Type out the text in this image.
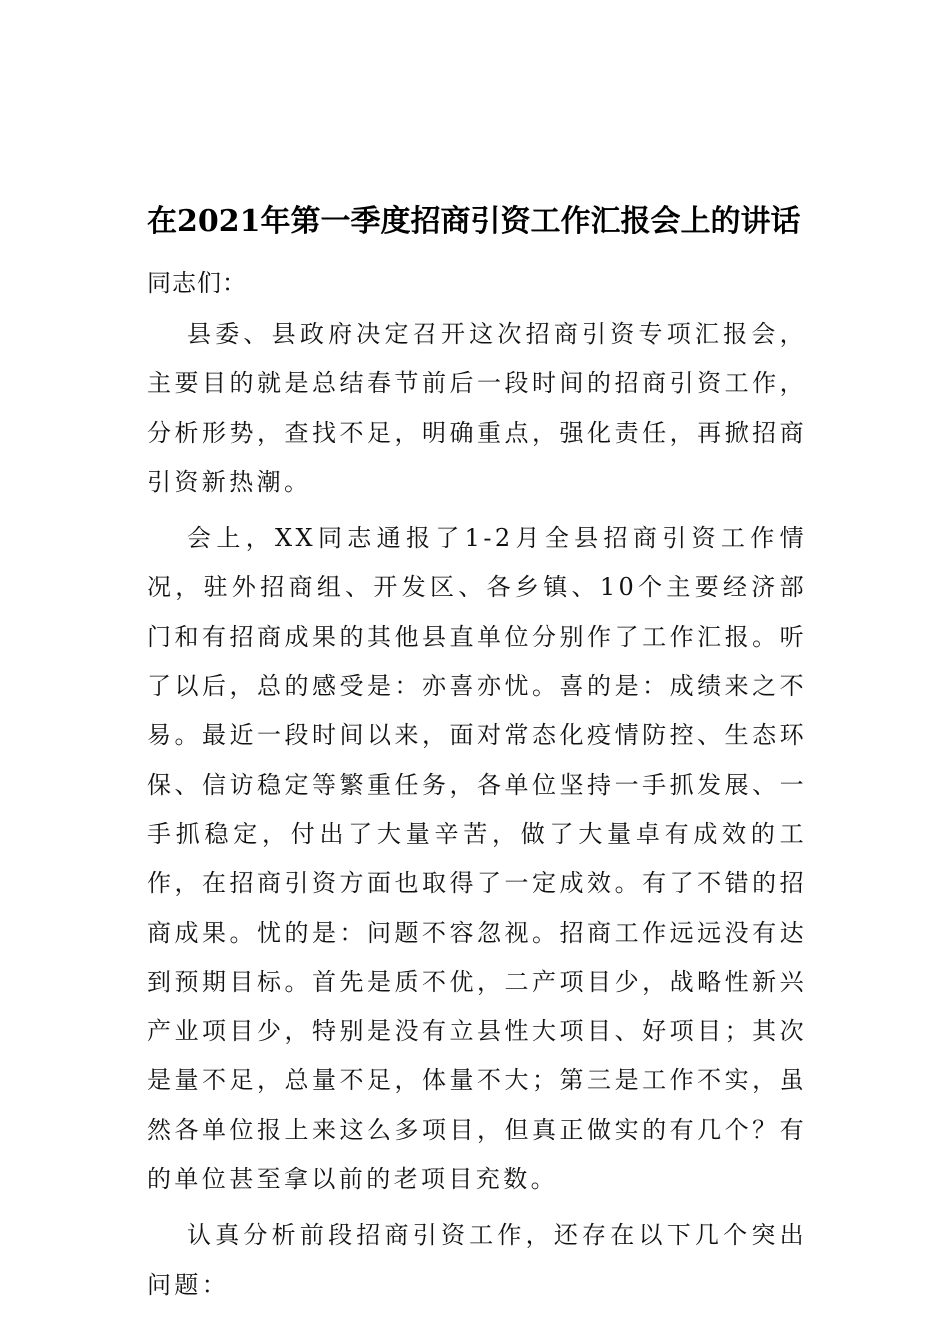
在2021年第一季度招商引资工作汇报会上的讲话

同志们：

县委、县政府决定召开这次招商引资专项汇报会，主要目的就是总结春节前后一段时间的招商引资工作，分析形势，查找不足，明确重点，强化责任，再掀招商引资新热潮。

会上，XX同志通报了1-2月全县招商引资工作情况，驻外招商组、开发区、各乡镇、10个主要经济部门和有招商成果的其他县直单位分别作了工作汇报。听了以后，总的感受是：亦喜亦忧。喜的是：成绩来之不易。最近一段时间以来，面对常态化疫情防控、生态环保、信访稳定等繁重任务，各单位坚持一手抓发展、一手抓稳定，付出了大量辛苦，做了大量卓有成效的工作，在招商引资方面也取得了一定成效。有了不错的招商成果。忧的是：问题不容忽视。招商工作远远没有达到预期目标。首先是质不优，二产项目少，战略性新兴产业项目少，特别是没有立县性大项目、好项目；其次是量不足，总量不足，体量不大；第三是工作不实，虽然各单位报上来这么多项目，但真正做实的有几个？有的单位甚至拿以前的老项目充数。

认真分析前段招商引资工作，还存在以下几个突出问题：
